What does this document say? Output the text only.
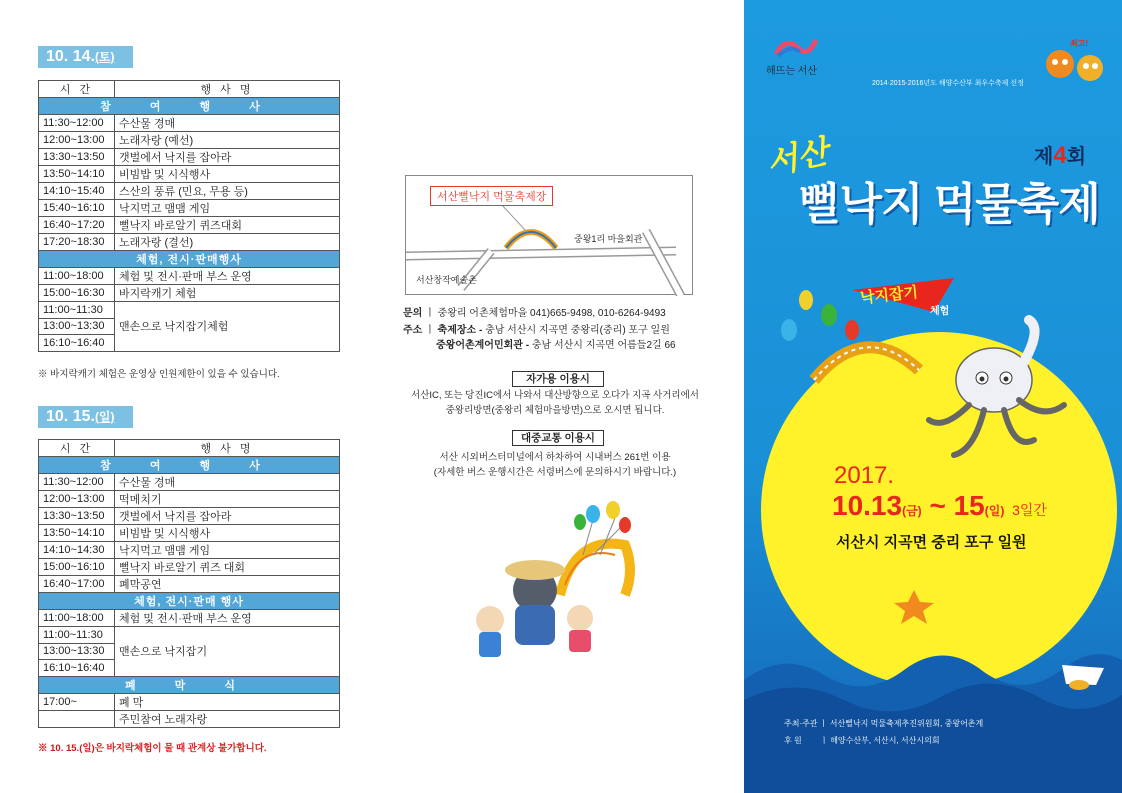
10. 14.(토)
시 간	행 사 명
참 여 행 사	
11:30~12:00	수산물 경매
12:00~13:00	노래자랑 (예선)
13:30~13:50	갯벌에서 낙지를 잡아라
13:50~14:10	비빔밥 및 시식행사
14:10~15:40	스산의 풍류 (민요, 무용 등)
15:40~16:10	낙지먹고 맴맴 게임
16:40~17:20	뻘낙지 바로알기 퀴즈대회
17:20~18:30	노래자랑 (결선)
체험, 전시·판매행사	
11:00~18:00	체험 및 전시·판매 부스 운영
15:00~16:30	바지락캐기 체험
11:00~11:30	맨손으로 낙지잡기체험
13:00~13:30	
16:10~16:40	
※ 바지락캐기 체험은 운영상 인원제한이 있을 수 있습니다.
10. 15.(일)
시 간	행 사 명
참 여 행 사	
11:30~12:00	수산물 경매
12:00~13:00	떡메치기
13:30~13:50	갯벌에서 낙지를 잡아라
13:50~14:10	비빔밥 및 시식행사
14:10~14:30	낙지먹고 맴맴 게임
15:00~16:10	뻘낙지 바로알기 퀴즈 대회
16:40~17:00	폐막공연
체험, 전시·판매 행사	
11:00~18:00	체험 및 전시·판매 부스 운영
11:00~11:30	맨손으로 낙지잡기
13:00~13:30	
16:10~16:40	
폐 막 식	
17:00~	폐 막
	주민참여 노래자랑
※ 10. 15.(일)은 바지락체험이 물 때 관계상 불가합니다.
서산뻘낙지 먹물축제장
중왕1리 마을회관
서산창작예술촌
문의 ㅣ 중왕리 어촌체험마을 041)665-9498, 010-6264-9493
주소 ㅣ 축제장소 - 충남 서산시 지곡면 중왕리(중리) 포구 일원
중왕어촌계어민회관 - 충남 서산시 지곡면 어름들2길 66
자가용 이용시
서산IC, 또는 당진IC에서 나와서 대산방향으로 오다가 지곡 사거리에서
중왕리방면(중왕리 체험마을방면)으로 오시면 됩니다.
대중교통 이용시
서산 시외버스터미널에서 하차하여 시내버스 261번 이용
(자세한 버스 운행시간은 서령버스에 문의하시기 바랍니다.)
해뜨는 서산
최고!
2014·2015·2016년도 해양수산부 최우수축제 선정
제4회
서산
뻘낙지 먹물축제
낙지잡기
체험
2017.
10.13(금) ~ 15(일) 3일간
서산시 지곡면 중리 포구 일원
주최·주관 ㅣ 서산뻘낙지 먹물축제추진위원회, 중왕어촌계
후 원 ㅣ 해양수산부, 서산시, 서산시의회
